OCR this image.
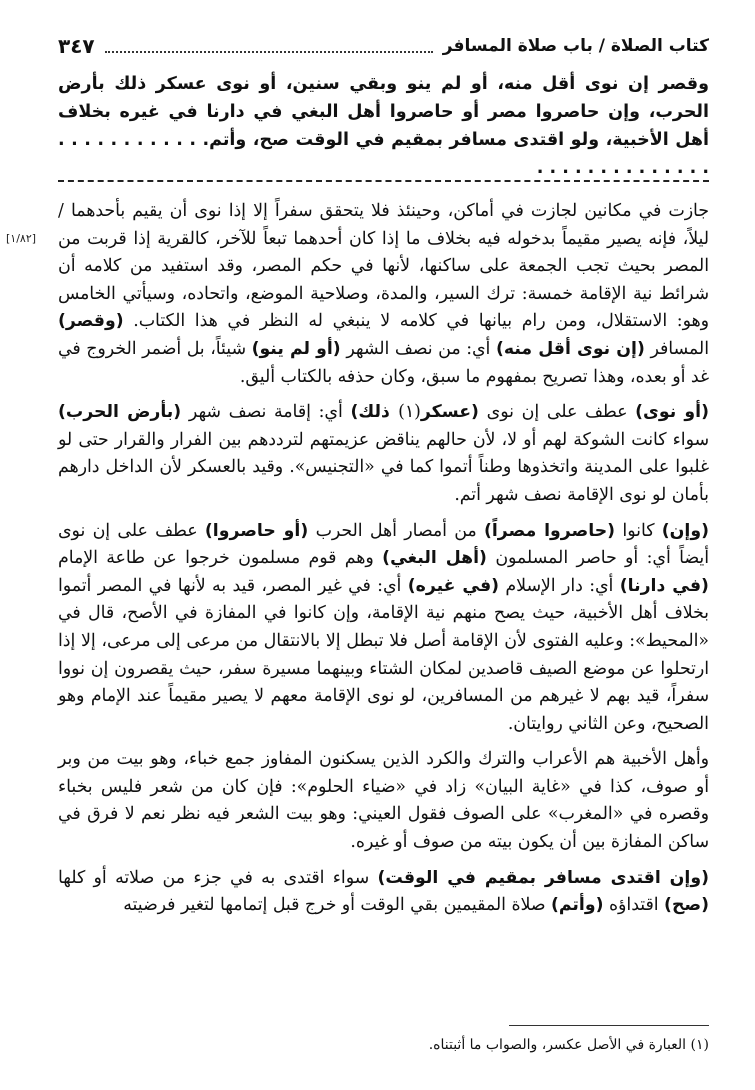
كتاب الصلاة / باب صلاة المسافر
٣٤٧
وقصر إن نوى أقل منه، أو لم ينو وبقي سنين، أو نوى عسكر ذلك بأرض الحرب، وإن حاصروا مصر أو حاصروا أهل البغي في دارنا في غيره بخلاف أهل الأخبية، ولو اقتدى مسافر بمقيم في الوقت صح، وأتم. . . . . . . . . . . . . . . . . . . . . . . . . .
[١/٨٢]

جازت في مكانين لجازت في أماكن، وحينئذ فلا يتحقق سفراً إلا إذا نوى أن يقيم بأحدهما / ليلاً، فإنه يصير مقيماً بدخوله فيه بخلاف ما إذا كان أحدهما تبعاً للآخر، كالقرية إذا قربت من المصر بحيث تجب الجمعة على ساكنها، لأنها في حكم المصر، وقد استفيد من كلامه أن شرائط نية الإقامة خمسة: ترك السير، والمدة، وصلاحية الموضع، واتحاده، وسيأتي الخامس وهو: الاستقلال، ومن رام بيانها في كلامه لا ينبغي له النظر في هذا الكتاب. (وقصر) المسافر (إن نوى أقل منه) أي: من نصف الشهر (أو لم ينو) شيئاً، بل أضمر الخروج في غد أو بعده، وهذا تصريح بمفهوم ما سبق، وكان حذفه بالكتاب أليق.

(أو نوى) عطف على إن نوى (عسكر(١) ذلك) أي: إقامة نصف شهر (بأرض الحرب) سواء كانت الشوكة لهم أو لا، لأن حالهم يناقض عزيمتهم لترددهم بين الفرار والقرار حتى لو غلبوا على المدينة واتخذوها وطناً أتموا كما في «التجنيس». وقيد بالعسكر لأن الداخل دارهم بأمان لو نوى الإقامة نصف شهر أتم.

(وإن) كانوا (حاصروا مصراً) من أمصار أهل الحرب (أو حاصروا) عطف على إن نوى أيضاً أي: أو حاصر المسلمون (أهل البغي) وهم قوم مسلمون خرجوا عن طاعة الإمام (في دارنا) أي: دار الإسلام (في غيره) أي: في غير المصر، قيد به لأنها في المصر أتموا بخلاف أهل الأخبية، حيث يصح منهم نية الإقامة، وإن كانوا في المفازة في الأصح، قال في «المحيط»: وعليه الفتوى لأن الإقامة أصل فلا تبطل إلا بالانتقال من مرعى إلى مرعى، إلا إذا ارتحلوا عن موضع الصيف قاصدين لمكان الشتاء وبينهما مسيرة سفر، حيث يقصرون إن نووا سفراً، قيد بهم لا غيرهم من المسافرين، لو نوى الإقامة معهم لا يصير مقيماً عند الإمام وهو الصحيح، وعن الثاني روايتان.

وأهل الأخبية هم الأعراب والترك والكرد الذين يسكنون المفاوز جمع خباء، وهو بيت من وبر أو صوف، كذا في «غاية البيان» زاد في «ضياء الحلوم»: فإن كان من شعر فليس بخباء وقصره في «المغرب» على الصوف فقول العيني: وهو بيت الشعر فيه نظر نعم لا فرق في ساكن المفازة بين أن يكون بيته من صوف أو غيره.

(وإن اقتدى مسافر بمقيم في الوقت) سواء اقتدى به في جزء من صلاته أو كلها (صح) اقتداؤه (وأتم) صلاة المقيمين بقي الوقت أو خرج قبل إتمامها لتغير فرضيته

(١) العبارة في الأصل عكسر، والصواب ما أثبتناه.
